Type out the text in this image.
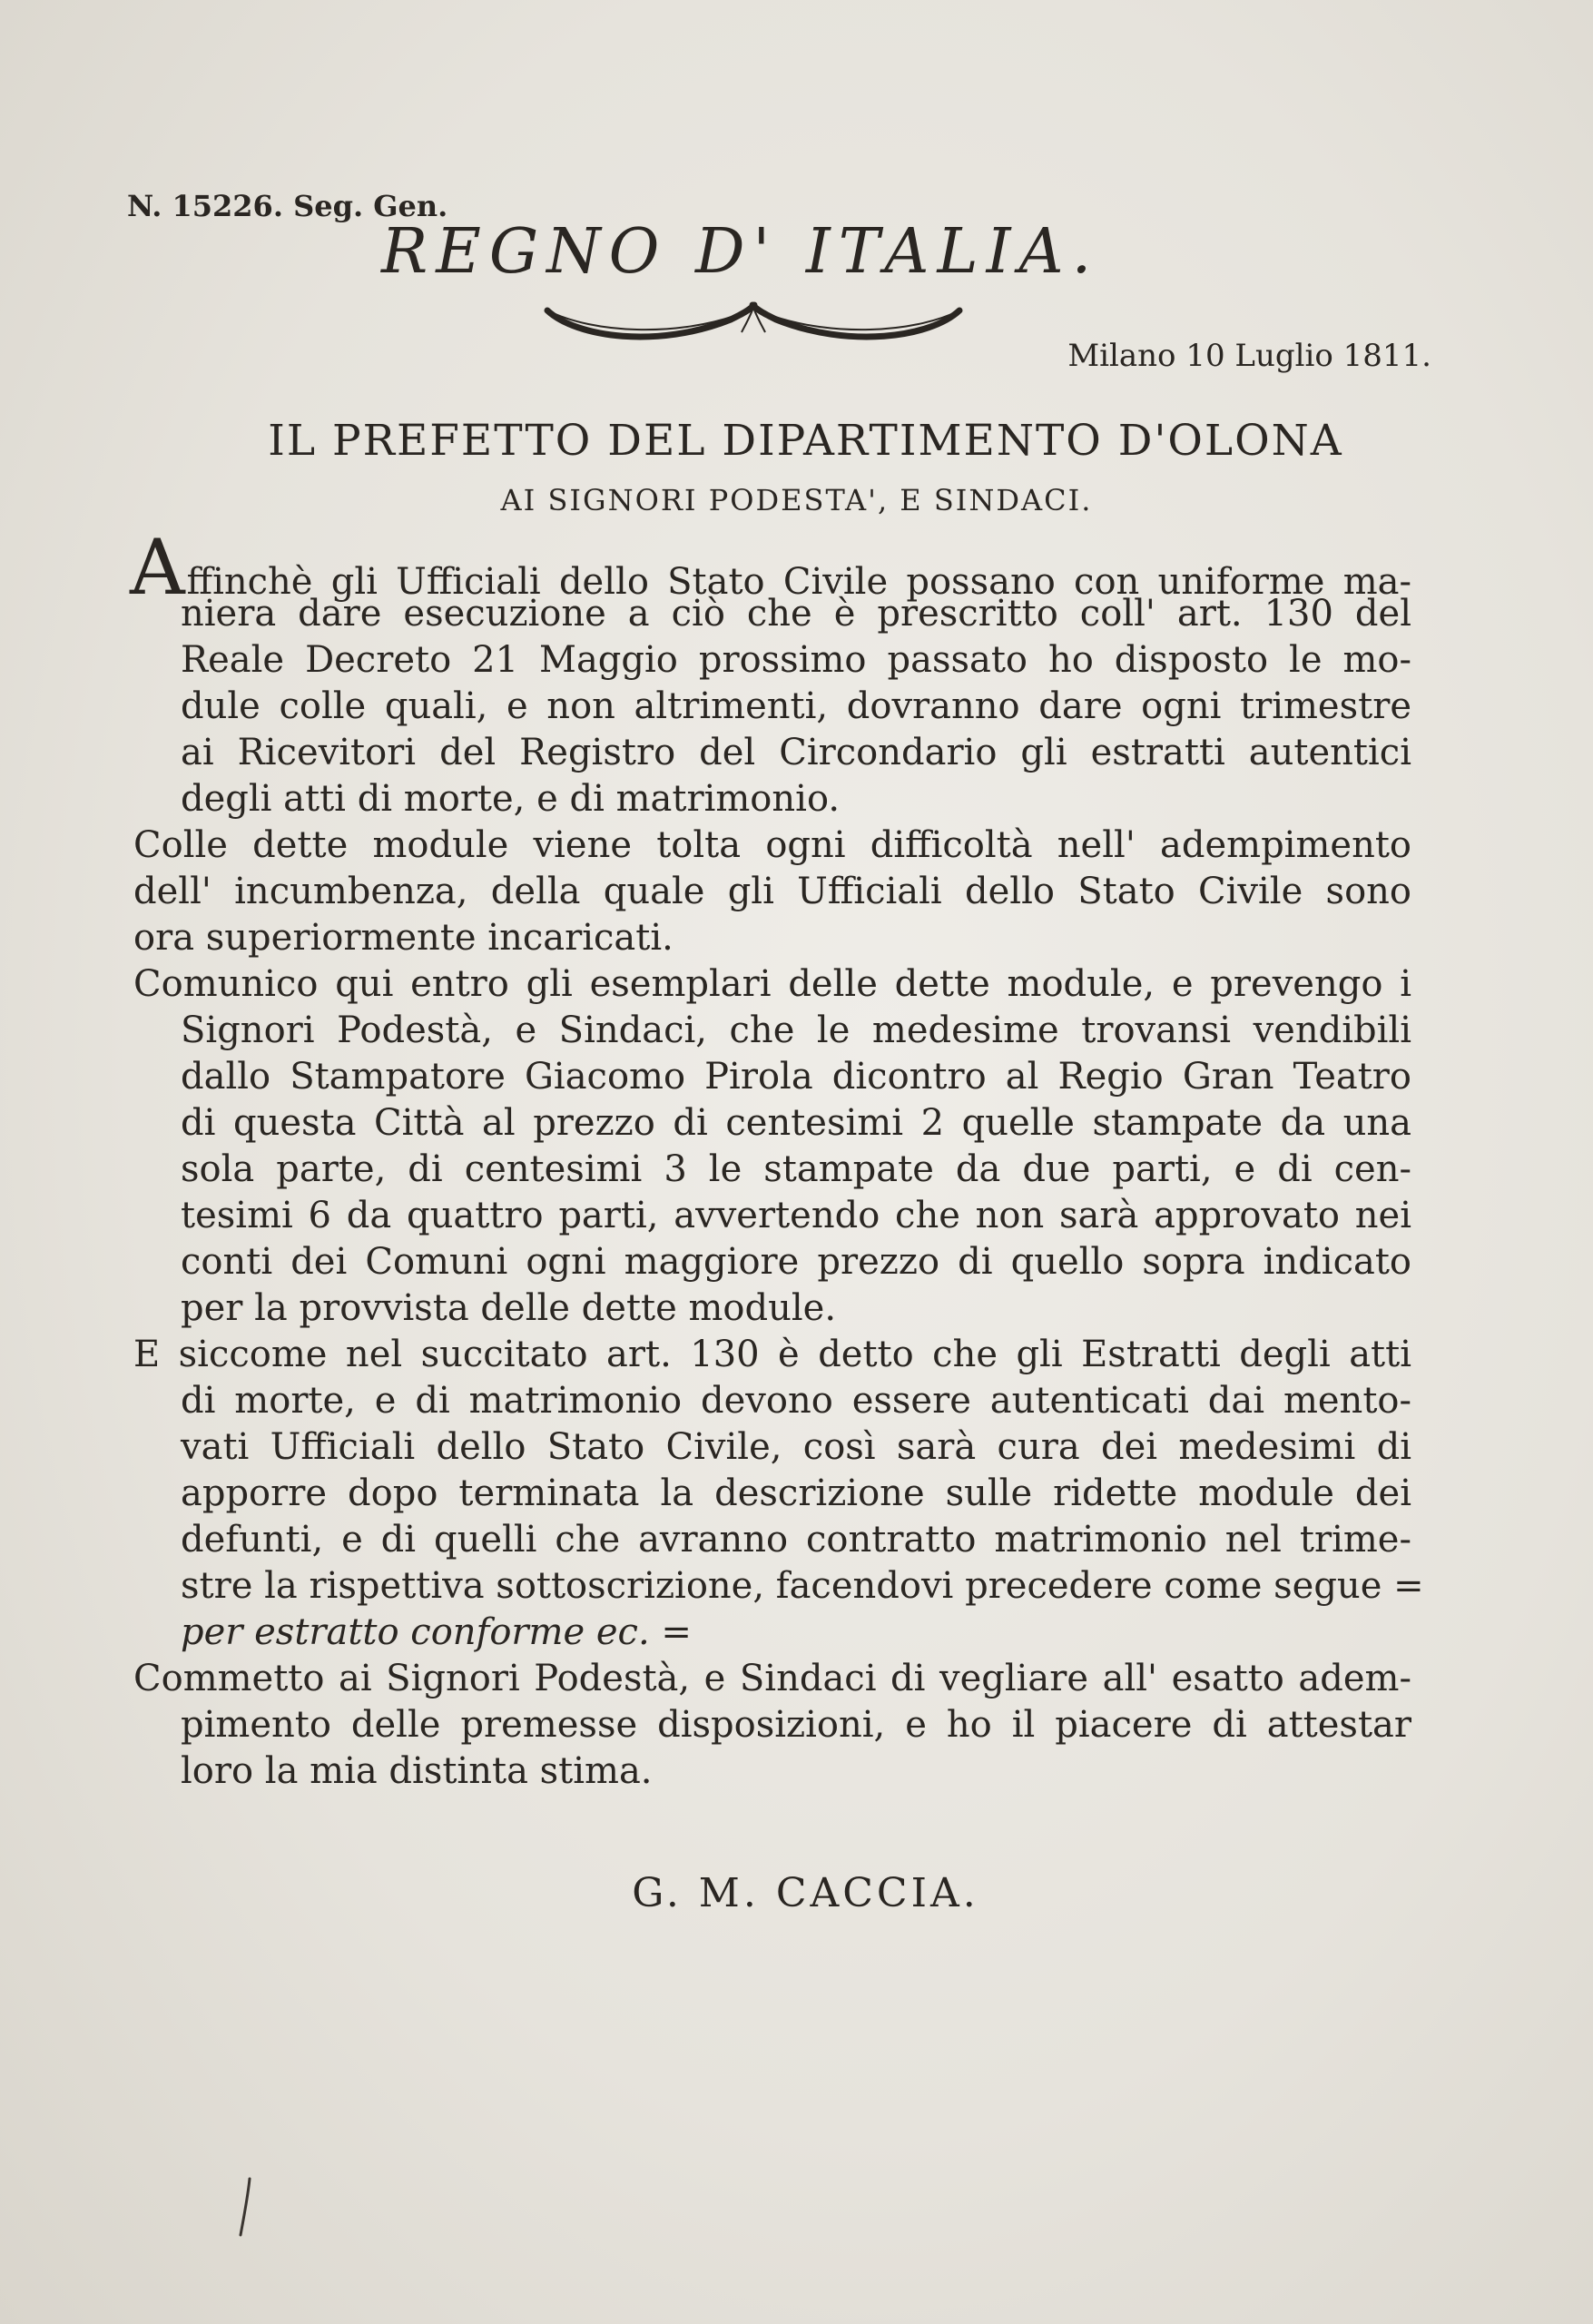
N. 15226. Seg. Gen.
REGNO D' ITALIA.
Milano 10 Luglio 1811.
IL PREFETTO DEL DIPARTIMENTO D'OLONA
AI SIGNORI PODESTA', E SINDACI.
Affinchè gli Ufficiali dello Stato Civile possano con uniforme ma-
niera dare esecuzione a ciò che è prescritto coll' art. 130 del
Reale Decreto 21 Maggio prossimo passato ho disposto le mo-
dule colle quali, e non altrimenti, dovranno dare ogni trimestre
ai Ricevitori del Registro del Circondario gli estratti autentici
degli atti di morte, e di matrimonio.
Colle dette module viene tolta ogni difficoltà nell' adempimento
dell' incumbenza, della quale gli Ufficiali dello Stato Civile sono
ora superiormente incaricati.
Comunico qui entro gli esemplari delle dette module, e prevengo i
Signori Podestà, e Sindaci, che le medesime trovansi vendibili
dallo Stampatore Giacomo Pirola dicontro al Regio Gran Teatro
di questa Città al prezzo di centesimi 2 quelle stampate da una
sola parte, di centesimi 3 le stampate da due parti, e di cen-
tesimi 6 da quattro parti, avvertendo che non sarà approvato nei
conti dei Comuni ogni maggiore prezzo di quello sopra indicato
per la provvista delle dette module.
E siccome nel succitato art. 130 è detto che gli Estratti degli atti
di morte, e di matrimonio devono essere autenticati dai mento-
vati Ufficiali dello Stato Civile, così sarà cura dei medesimi di
apporre dopo terminata la descrizione sulle ridette module dei
defunti, e di quelli che avranno contratto matrimonio nel trime-
stre la rispettiva sottoscrizione, facendovi precedere come segue =
per estratto conforme ec. =
Commetto ai Signori Podestà, e Sindaci di vegliare all' esatto adem-
pimento delle premesse disposizioni, e ho il piacere di attestar
loro la mia distinta stima.
G. M. CACCIA.
